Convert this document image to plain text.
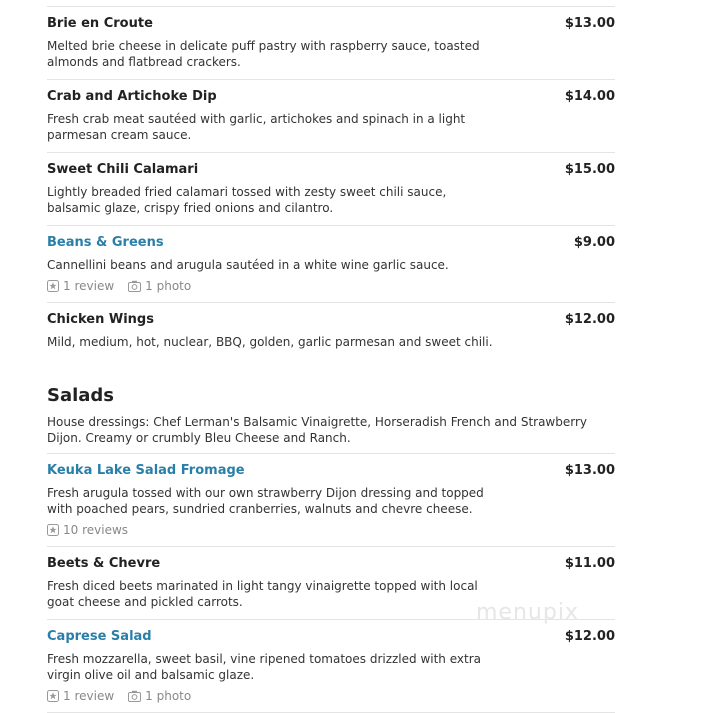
Brie en Croute	$13.00
Melted brie cheese in delicate puff pastry with raspberry sauce, toasted almonds and flatbread crackers.
Crab and Artichoke Dip	$14.00
Fresh crab meat sautéed with garlic, artichokes and spinach in a light parmesan cream sauce.
Sweet Chili Calamari	$15.00
Lightly breaded fried calamari tossed with zesty sweet chili sauce, balsamic glaze, crispy fried onions and cilantro.
Beans & Greens	$9.00
Cannellini beans and arugula sautéed in a white wine garlic sauce.
1 review	1 photo
Chicken Wings	$12.00
Mild, medium, hot, nuclear, BBQ, golden, garlic parmesan and sweet chili.
Salads
House dressings: Chef Lerman's Balsamic Vinaigrette, Horseradish French and Strawberry Dijon. Creamy or crumbly Bleu Cheese and Ranch.
Keuka Lake Salad Fromage	$13.00
Fresh arugula tossed with our own strawberry Dijon dressing and topped with poached pears, sundried cranberries, walnuts and chevre cheese.
10 reviews
Beets & Chevre	$11.00
Fresh diced beets marinated in light tangy vinaigrette topped with local goat cheese and pickled carrots.
Caprese Salad	$12.00
Fresh mozzarella, sweet basil, vine ripened tomatoes drizzled with extra virgin olive oil and balsamic glaze.
1 review	1 photo
menupix
